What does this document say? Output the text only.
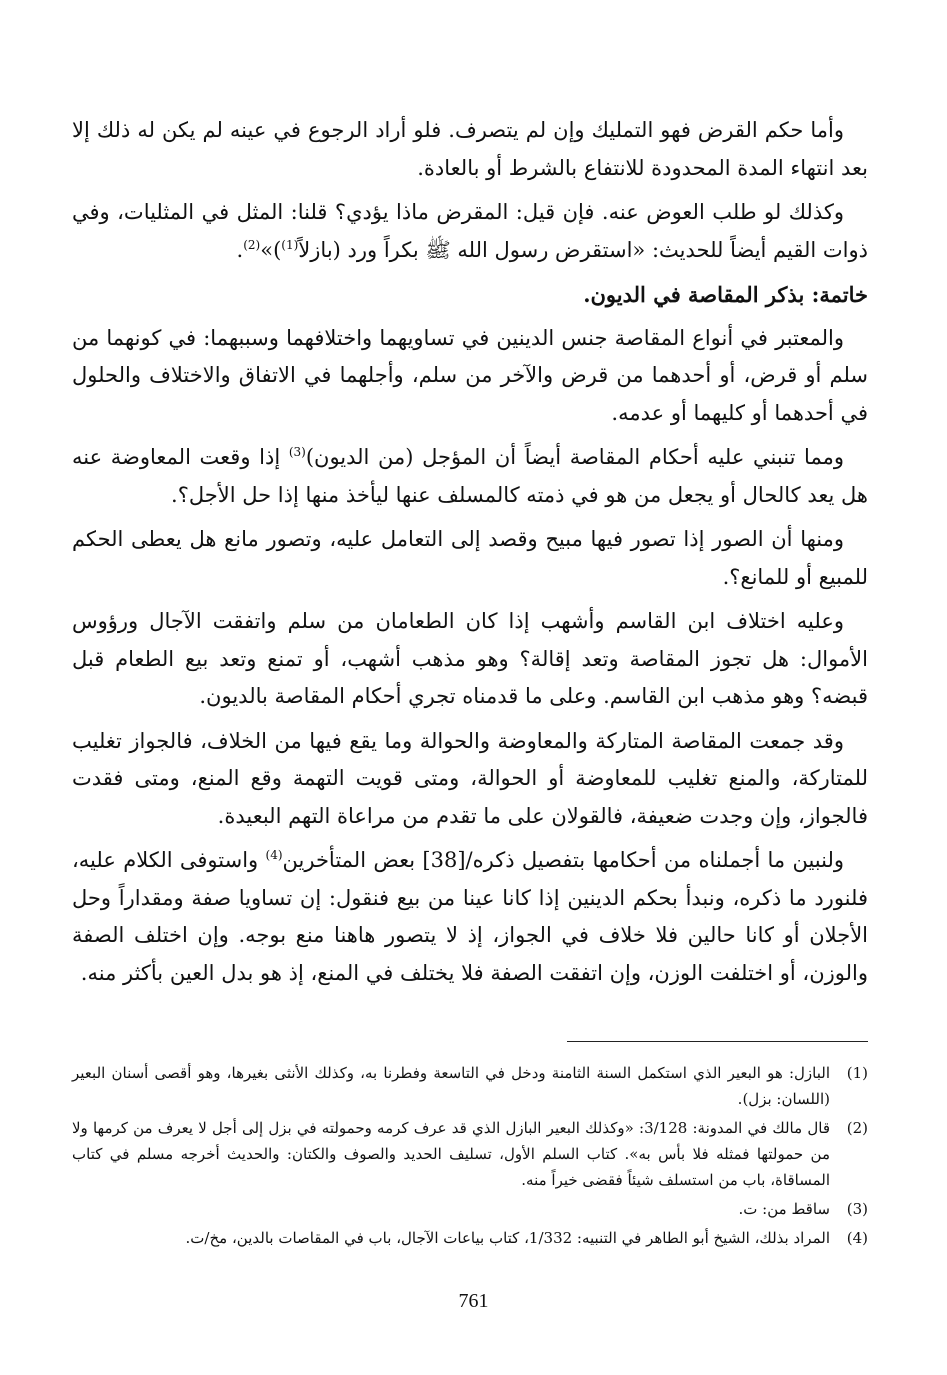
وأما حكم القرض فهو التمليك وإن لم يتصرف. فلو أراد الرجوع في عينه لم يكن له ذلك إلا بعد انتهاء المدة المحدودة للانتفاع بالشرط أو بالعادة.

وكذلك لو طلب العوض عنه. فإن قيل: المقرض ماذا يؤدي؟ قلنا: المثل في المثليات، وفي ذوات القيم أيضاً للحديث: «استقرض رسول الله ﷺ بكراً ورد (بازلاً$^{(1)}$)»$^{(2)}$.

خاتمة: بذكر المقاصة في الديون.

والمعتبر في أنواع المقاصة جنس الدينين في تساويهما واختلافهما وسببهما: في كونهما من سلم أو قرض، أو أحدهما من قرض والآخر من سلم، وأجلهما في الاتفاق والاختلاف والحلول في أحدهما أو كليهما أو عدمه.

ومما تنبني عليه أحكام المقاصة أيضاً أن المؤجل (من الديون)$^{(3)}$ إذا وقعت المعاوضة عنه هل يعد كالحال أو يجعل من هو في ذمته كالمسلف عنها ليأخذ منها إذا حل الأجل؟.

ومنها أن الصور إذا تصور فيها مبيح وقصد إلى التعامل عليه، وتصور مانع هل يعطى الحكم للمبيع أو للمانع؟.

وعليه اختلاف ابن القاسم وأشهب إذا كان الطعامان من سلم واتفقت الآجال ورؤوس الأموال: هل تجوز المقاصة وتعد إقالة؟ وهو مذهب أشهب، أو تمنع وتعد بيع الطعام قبل قبضه؟ وهو مذهب ابن القاسم. وعلى ما قدمناه تجري أحكام المقاصة بالديون.

وقد جمعت المقاصة المتاركة والمعاوضة والحوالة وما يقع فيها من الخلاف، فالجواز تغليب للمتاركة، والمنع تغليب للمعاوضة أو الحوالة، ومتى قويت التهمة وقع المنع، ومتى فقدت فالجواز، وإن وجدت ضعيفة، فالقولان على ما تقدم من مراعاة التهم البعيدة.

ولنبين ما أجملناه من أحكامها بتفصيل ذكره/[38] بعض المتأخرين$^{(4)}$ واستوفى الكلام عليه، فلنورد ما ذكره، ونبدأ بحكم الدينين إذا كانا عينا من بيع فنقول: إن تساويا صفة ومقداراً وحل الأجلان أو كانا حالين فلا خلاف في الجواز، إذ لا يتصور هاهنا منع بوجه. وإن اختلف الصفة والوزن، أو اختلفت الوزن، وإن اتفقت الصفة فلا يختلف في المنع، إذ هو بدل العين بأكثر منه.

(1)
البازل: هو البعير الذي استكمل السنة الثامنة ودخل في التاسعة وفطرنا به، وكذلك الأنثى بغيرها، وهو أقصى أسنان البعير (اللسان: بزل).
(2)
قال مالك في المدونة: 3/128: «وكذلك البعير البازل الذي قد عرف كرمه وحمولته في بزل إلى أجل لا يعرف من كرمها ولا من حمولتها فمثله فلا بأس به». كتاب السلم الأول، تسليف الحديد والصوف والكتان: والحديث أخرجه مسلم في كتاب المساقاة، باب من استسلف شيئاً فقضى خيراً منه.
(3)
ساقط من: ت.
(4)
المراد بذلك، الشيخ أبو الطاهر في التنبيه: 1/332، كتاب بياعات الآجال، باب في المقاصات بالدين، مخ/ت.
761
